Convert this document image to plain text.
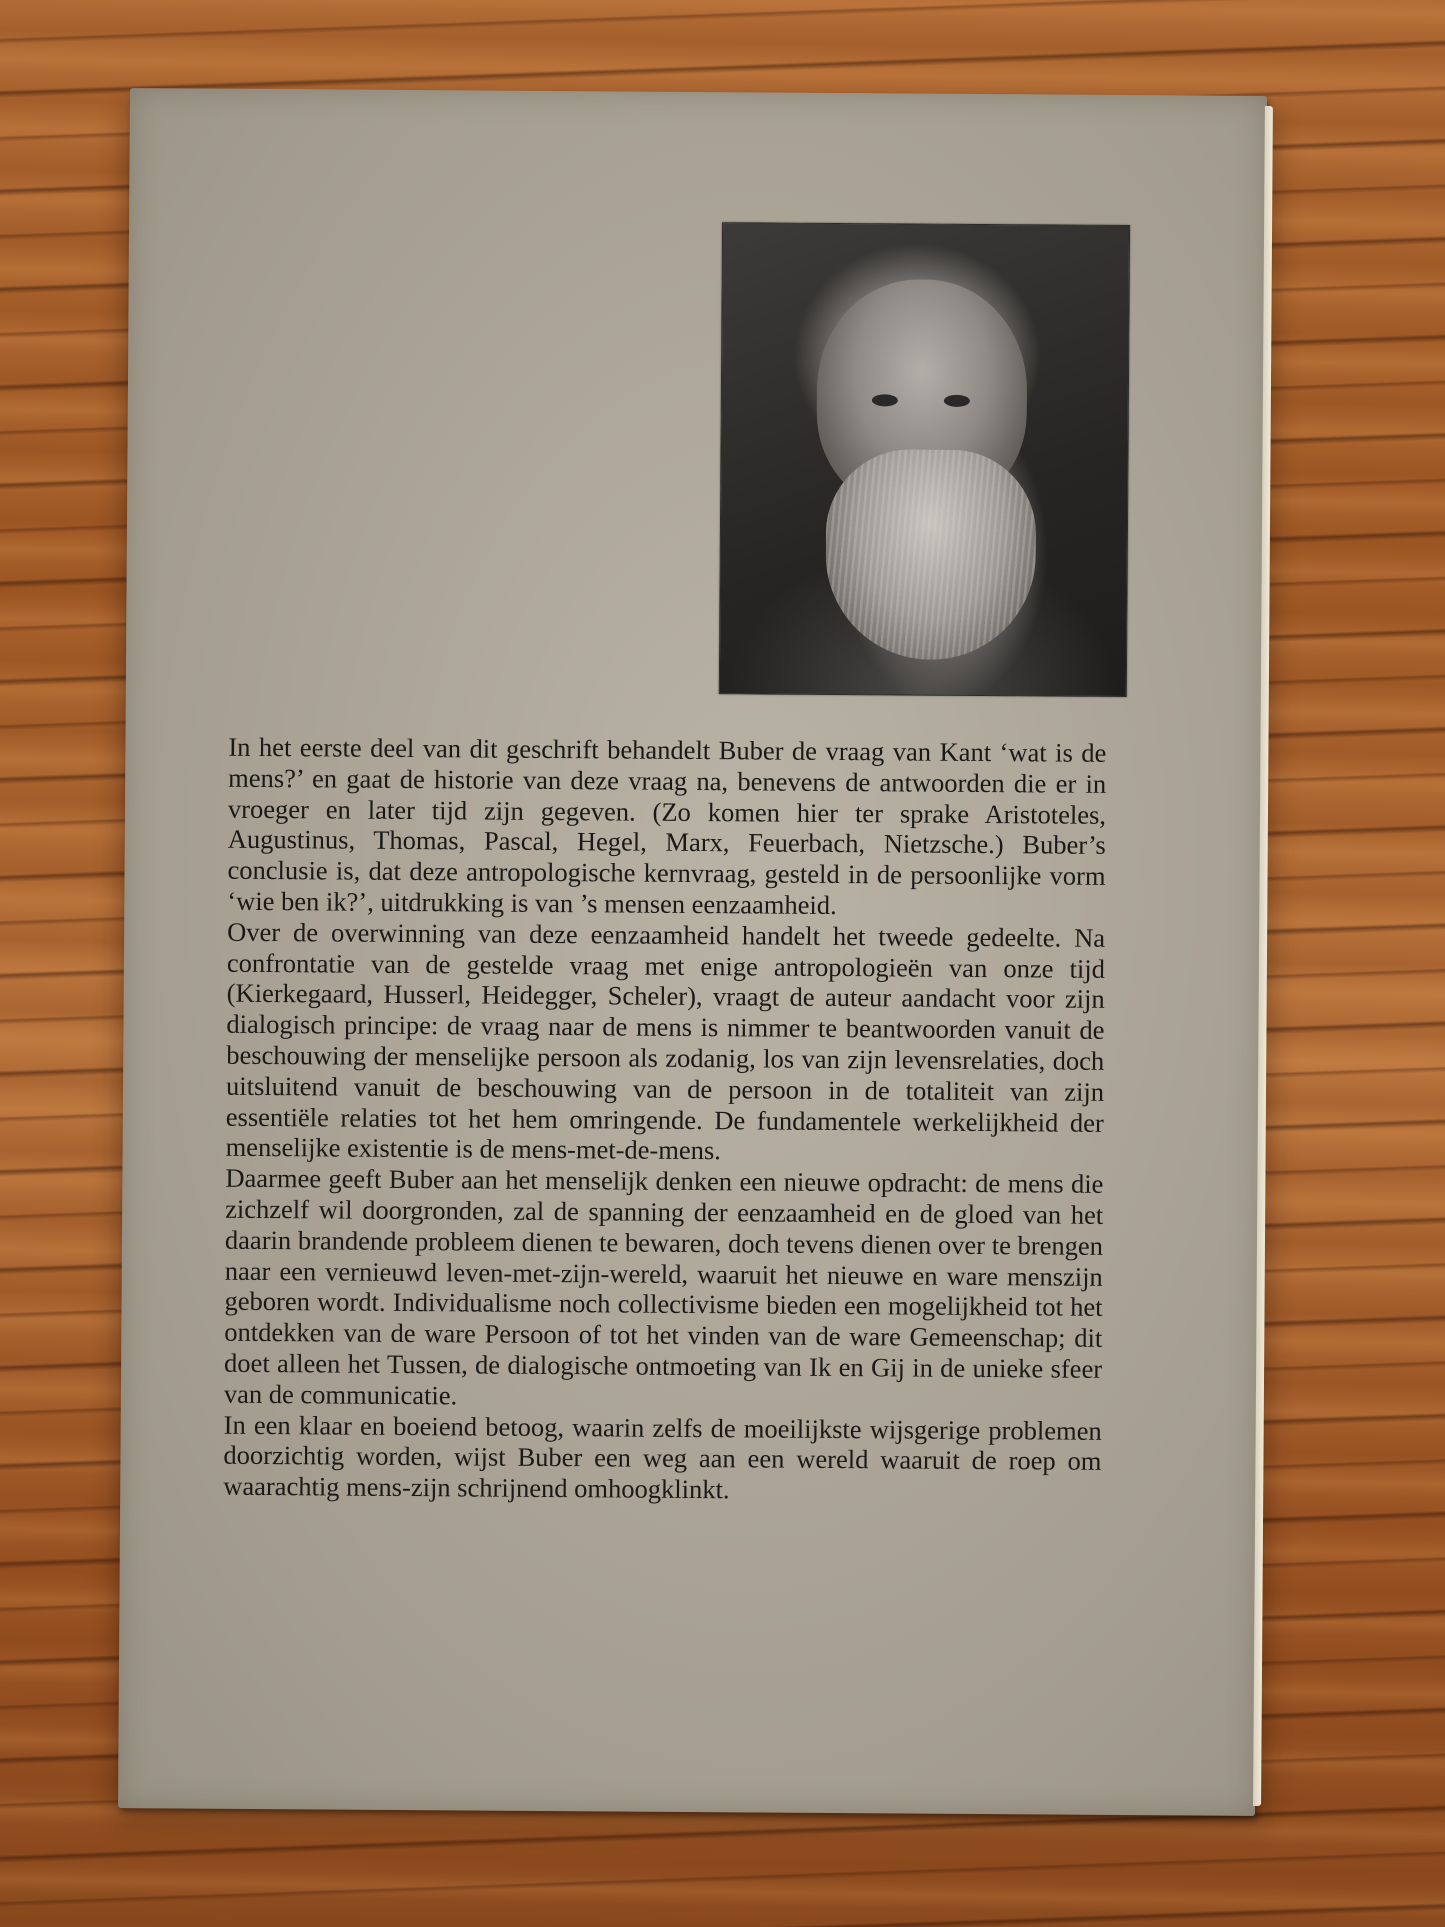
In het eerste deel van dit geschrift behandelt Buber de vraag van Kant ‘wat is de mens?’ en gaat de historie van deze vraag na, benevens de antwoorden die er in vroeger en later tijd zijn gegeven. (Zo komen hier ter sprake Aristoteles, Augustinus, Thomas, Pascal, Hegel, Marx, Feuerbach, Nietzsche.) Buber’s conclusie is, dat deze antropologische kernvraag, gesteld in de persoonlijke vorm ‘wie ben ik?’, uitdrukking is van ’s mensen eenzaamheid.

Over de overwinning van deze eenzaamheid handelt het tweede gedeelte. Na confrontatie van de gestelde vraag met enige antropologieën van onze tijd (Kierkegaard, Husserl, Heidegger, Scheler), vraagt de auteur aandacht voor zijn dialogisch principe: de vraag naar de mens is nimmer te beantwoorden vanuit de beschouwing der menselijke persoon als zodanig, los van zijn levensrelaties, doch uitsluitend vanuit de beschouwing van de persoon in de totaliteit van zijn essentiële relaties tot het hem omringende. De fundamentele werkelijkheid der menselijke existentie is de mens-met-de-mens.

Daarmee geeft Buber aan het menselijk denken een nieuwe opdracht: de mens die zichzelf wil doorgronden, zal de spanning der eenzaamheid en de gloed van het daarin brandende probleem dienen te bewaren, doch tevens dienen over te brengen naar een vernieuwd leven-met-zijn-wereld, waaruit het nieuwe en ware menszijn geboren wordt. Individualisme noch collectivisme bieden een mogelijkheid tot het ontdekken van de ware Persoon of tot het vinden van de ware Gemeenschap; dit doet alleen het Tussen, de dialogische ontmoeting van Ik en Gij in de unieke sfeer van de communicatie.

In een klaar en boeiend betoog, waarin zelfs de moeilijkste wijsgerige problemen doorzichtig worden, wijst Buber een weg aan een wereld waaruit de roep om waarachtig mens-zijn schrijnend omhoogklinkt.
